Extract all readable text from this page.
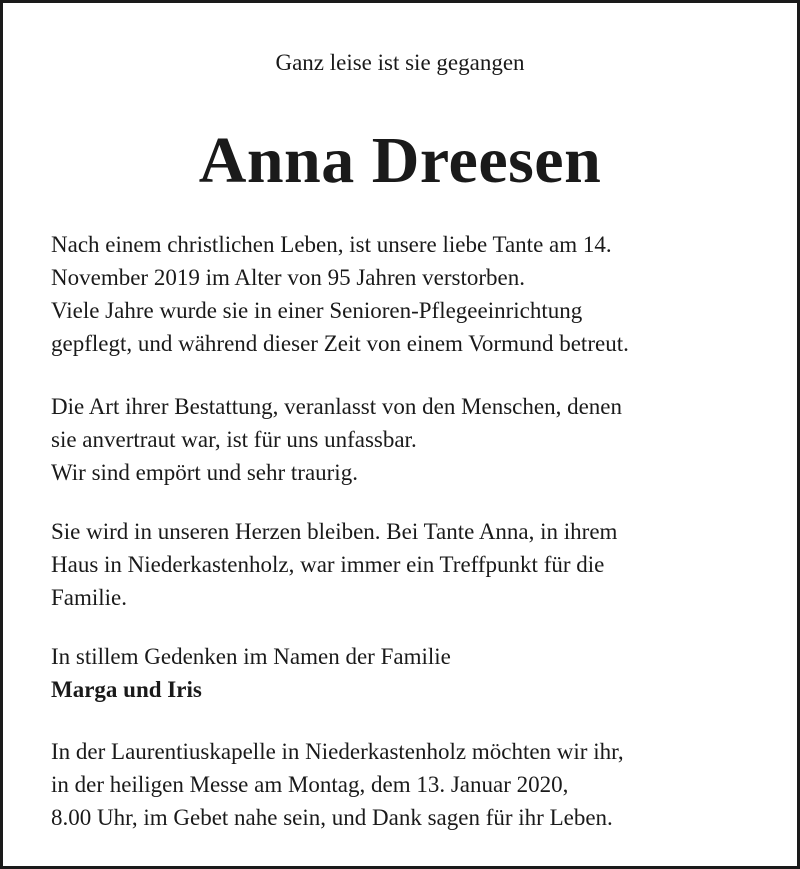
Ganz leise ist sie gegangen
Anna Dreesen
Nach einem christlichen Leben, ist unsere liebe Tante am 14.
November 2019 im Alter von 95 Jahren verstorben.
Viele Jahre wurde sie in einer Senioren-Pflegeeinrichtung
gepflegt, und während dieser Zeit von einem Vormund betreut.
Die Art ihrer Bestattung, veranlasst von den Menschen, denen
sie anvertraut war, ist für uns unfassbar.
Wir sind empört und sehr traurig.
Sie wird in unseren Herzen bleiben. Bei Tante Anna, in ihrem
Haus in Niederkastenholz, war immer ein Treffpunkt für die
Familie.
In stillem Gedenken im Namen der Familie
Marga und Iris
In der Laurentiuskapelle in Niederkastenholz möchten wir ihr,
in der heiligen Messe am Montag, dem 13. Januar 2020,
8.00 Uhr, im Gebet nahe sein, und Dank sagen für ihr Leben.
